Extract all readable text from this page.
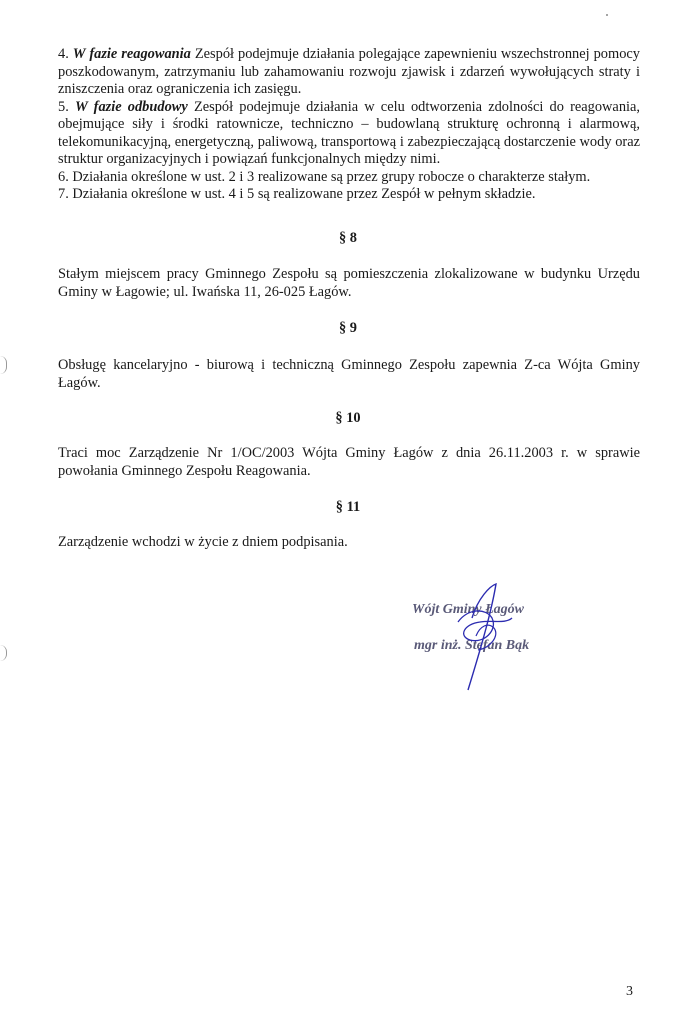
4. W fazie reagowania Zespół podejmuje działania polegające zapewnieniu wszechstronnej pomocy poszkodowanym, zatrzymaniu lub zahamowaniu rozwoju zjawisk i zdarzeń wywołujących straty i zniszczenia oraz ograniczenia ich zasięgu.

5. W fazie odbudowy Zespół podejmuje działania w celu odtworzenia zdolności do reagowania, obejmujące siły i środki ratownicze, techniczno – budowlaną strukturę ochronną i alarmową, telekomunikacyjną, energetyczną, paliwową, transportową i zabezpieczającą dostarczenie wody oraz struktur organizacyjnych i powiązań funkcjonalnych między nimi.

6. Działania określone w ust. 2 i 3 realizowane są przez grupy robocze o charakterze stałym.

7. Działania określone w ust. 4 i 5 są realizowane przez Zespół w pełnym składzie.

§ 8
Stałym miejscem pracy Gminnego Zespołu są pomieszczenia zlokalizowane w budynku Urzędu Gminy w Łagowie; ul. Iwańska 11, 26-025 Łagów.
§ 9
Obsługę kancelaryjno - biurową i techniczną Gminnego Zespołu zapewnia Z-ca Wójta Gminy Łagów.
§ 10
Traci moc Zarządzenie Nr 1/OC/2003 Wójta Gminy Łagów z dnia 26.11.2003 r. w sprawie powołania Gminnego Zespołu Reagowania.
§ 11
Zarządzenie wchodzi w życie z dniem podpisania.
Wójt Gminy Łagów
mgr inż. Stefan Bąk
3
